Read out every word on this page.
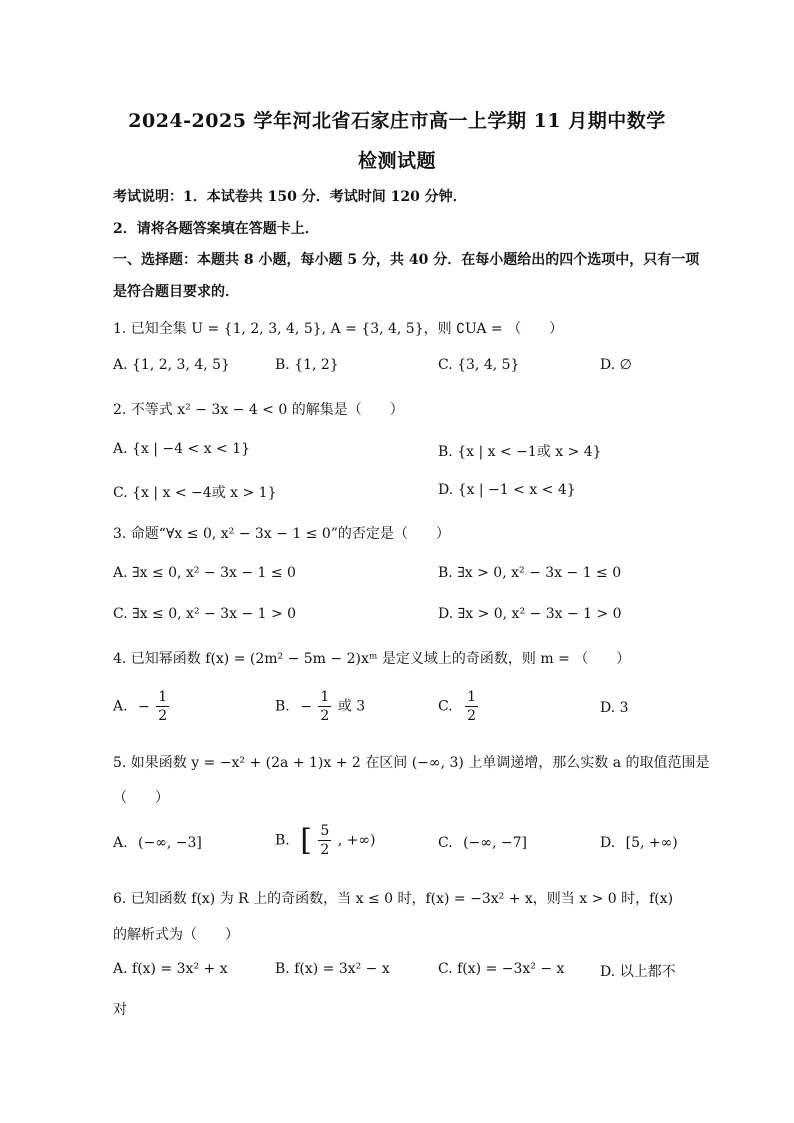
2024-2025 学年河北省石家庄市高一上学期 11 月期中数学
检测试题
考试说明：1．本试卷共 150 分．考试时间 120 分钟．
2．请将各题答案填在答题卡上．
一、选择题：本题共 8 小题，每小题 5 分，共 40 分．在每小题给出的四个选项中，只有一项
是符合题目要求的．
1. 已知全集 U = {1, 2, 3, 4, 5}, A = {3, 4, 5}，则 ∁UA = （　　）
A. {1, 2, 3, 4, 5}	B. {1, 2}	C. {3, 4, 5}	D. ∅
2. 不等式 x² − 3x − 4 < 0 的解集是（　　）
A. {x | −4 < x < 1}	B. {x | x < −1或 x > 4}
C. {x | x < −4或 x > 1}	D. {x | −1 < x < 4}
3. 命题“∀x ≤ 0, x² − 3x − 1 ≤ 0”的否定是（　　）
A. ∃x ≤ 0, x² − 3x − 1 ≤ 0	B. ∃x > 0, x² − 3x − 1 ≤ 0
C. ∃x ≤ 0, x² − 3x − 1 > 0	D. ∃x > 0, x² − 3x − 1 > 0
4. 已知幂函数 f(x) = (2m² − 5m − 2)xᵐ 是定义域上的奇函数，则 m = （　　）
A. − $\frac{1}{2}$	B. − $\frac{1}{2}$ 或 3	C. $\frac{1}{2}$	D. 3
5. 如果函数 y = −x² + (2a + 1)x + 2 在区间 (−∞, 3) 上单调递增，那么实数 a 的取值范围是
（　　）
A. (−∞, −3]	B. [ $\frac{5}{2}$ , +∞)	C. (−∞, −7]	D. [5, +∞)
6. 已知函数 f(x) 为 R 上的奇函数，当 x ≤ 0 时，f(x) = −3x² + x，则当 x > 0 时，f(x)
的解析式为（　　）
A. f(x) = 3x² + x	B. f(x) = 3x² − x	C. f(x) = −3x² − x	D. 以上都不
对
